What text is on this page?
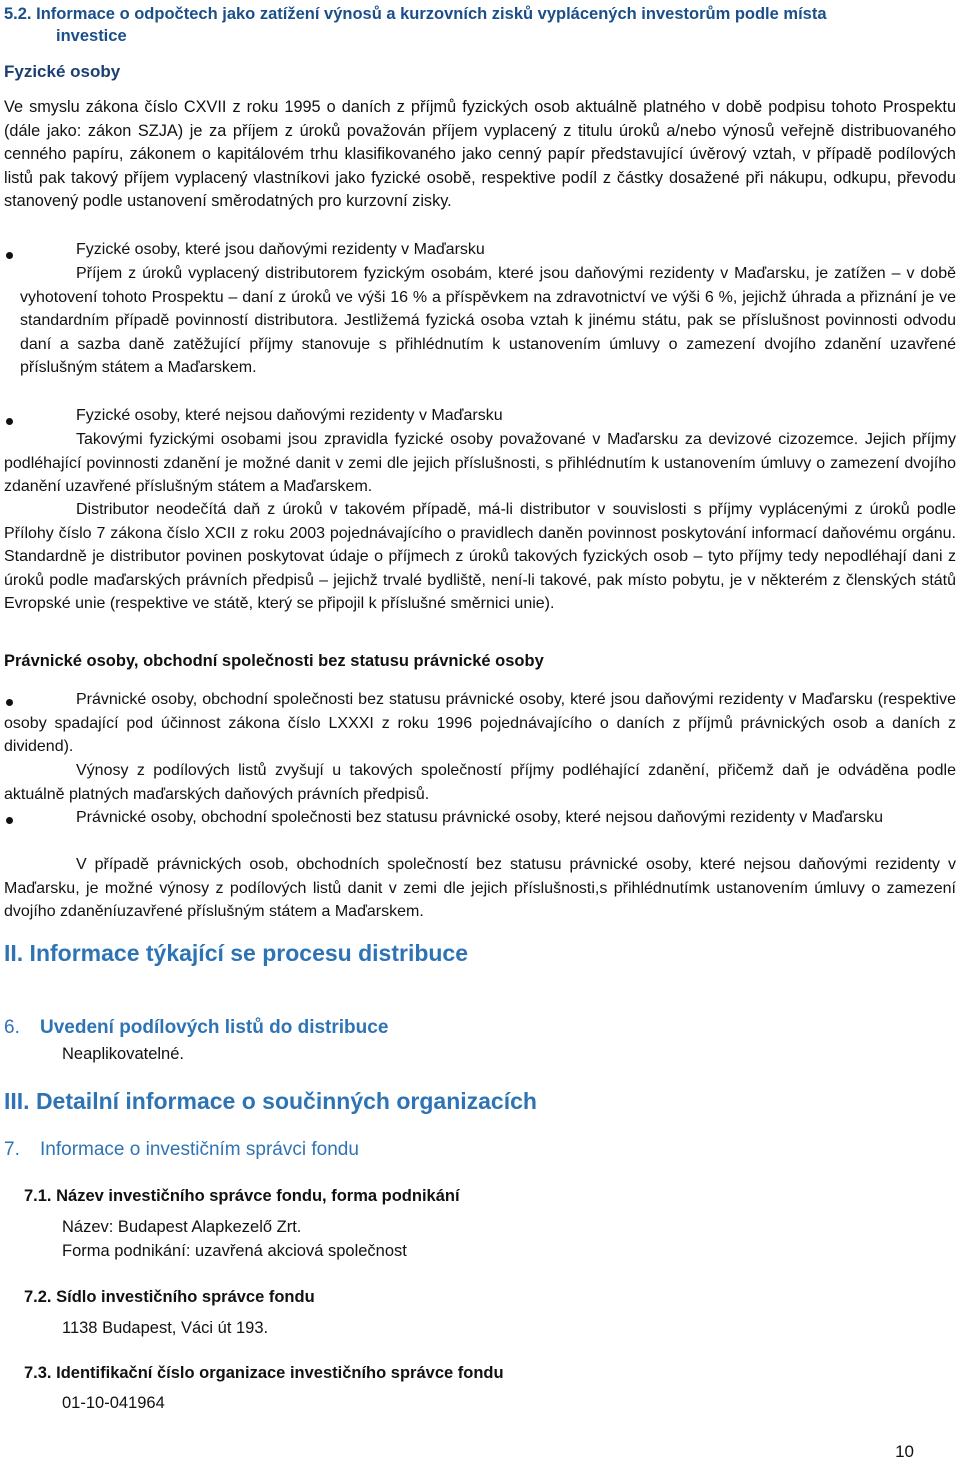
5.2. Informace o odpočtech jako zatížení výnosů a kurzovních zisků vyplácených investorům podle místa
investice

Fyzické osoby

Ve smyslu zákona číslo CXVII z roku 1995 o daních z příjmů fyzických osob aktuálně platného v době podpisu tohoto Prospektu (dále jako: zákon SZJA) je za příjem z úroků považován příjem vyplacený z titulu úroků a/nebo výnosů veřejně distribuovaného cenného papíru, zákonem o kapitálovém trhu klasifikovaného jako cenný papír představující úvěrový vztah, v případě podílových listů pak takový příjem vyplacený vlastníkovi jako fyzické osobě, respektive podíl z částky dosažené při nákupu, odkupu, převodu stanovený podle ustanovení směrodatných pro kurzovní zisky.

Fyzické osoby, které jsou daňovými rezidenty v Maďarsku

Příjem z úroků vyplacený distributorem fyzickým osobám, které jsou daňovými rezidenty v Maďarsku, je zatížen – v době vyhotovení tohoto Prospektu – daní z úroků ve výši 16 % a příspěvkem na zdravotnictví ve výši 6 %, jejichž úhrada a přiznání je ve standardním případě povinností distributora. Jestližemá fyzická osoba vztah k jinému státu, pak se příslušnost povinnosti odvodu daní a sazba daně zatěžující příjmy stanovuje s přihlédnutím k ustanovením úmluvy o zamezení dvojího zdanění uzavřené příslušným státem a Maďarskem.

Fyzické osoby, které nejsou daňovými rezidenty v Maďarsku

Takovými fyzickými osobami jsou zpravidla fyzické osoby považované v Maďarsku za devizové cizozemce. Jejich příjmy podléhající povinnosti zdanění je možné danit v zemi dle jejich příslušnosti, s přihlédnutím k ustanovením úmluvy o zamezení dvojího zdanění uzavřené příslušným státem a Maďarskem.

Distributor neodečítá daň z úroků v takovém případě, má-li distributor v souvislosti s příjmy vyplácenými z úroků podle Přílohy číslo 7 zákona číslo XCII z roku 2003 pojednávajícího o pravidlech daněn povinnost poskytování informací daňovému orgánu. Standardně je distributor povinen poskytovat údaje o příjmech z úroků takových fyzických osob – tyto příjmy tedy nepodléhají dani z úroků podle maďarských právních předpisů – jejichž trvalé bydliště, není-li takové, pak místo pobytu, je v některém z členských států Evropské unie (respektive ve státě, který se připojil k příslušné směrnici unie).

Právnické osoby, obchodní společnosti bez statusu právnické osoby

Právnické osoby, obchodní společnosti bez statusu právnické osoby, které jsou daňovými rezidenty v Maďarsku (respektive osoby spadající pod účinnost zákona číslo LXXXI z roku 1996 pojednávajícího o daních z příjmů právnických osob a daních z dividend).

Výnosy z podílových listů zvyšují u takových společností příjmy podléhající zdanění, přičemž daň je odváděna podle aktuálně platných maďarských daňových právních předpisů.

Právnické osoby, obchodní společnosti bez statusu právnické osoby, které nejsou daňovými rezidenty v Maďarsku

V případě právnických osob, obchodních společností bez statusu právnické osoby, které nejsou daňovými rezidenty v Maďarsku, je možné výnosy z podílových listů danit v zemi dle jejich příslušnosti,s přihlédnutímk ustanovením úmluvy o zamezení dvojího zdaněníuzavřené příslušným státem a Maďarskem.

II. Informace týkající se procesu distribuce

6. Uvedení podílových listů do distribuce

Neaplikovatelné.

III. Detailní informace o součinných organizacích

7. Informace o investičním správci fondu

7.1. Název investičního správce fondu, forma podnikání

Název: Budapest Alapkezelő Zrt.

Forma podnikání: uzavřená akciová společnost

7.2. Sídlo investičního správce fondu

1138 Budapest, Váci út 193.

7.3. Identifikační číslo organizace investičního správce fondu

01-10-041964

10
